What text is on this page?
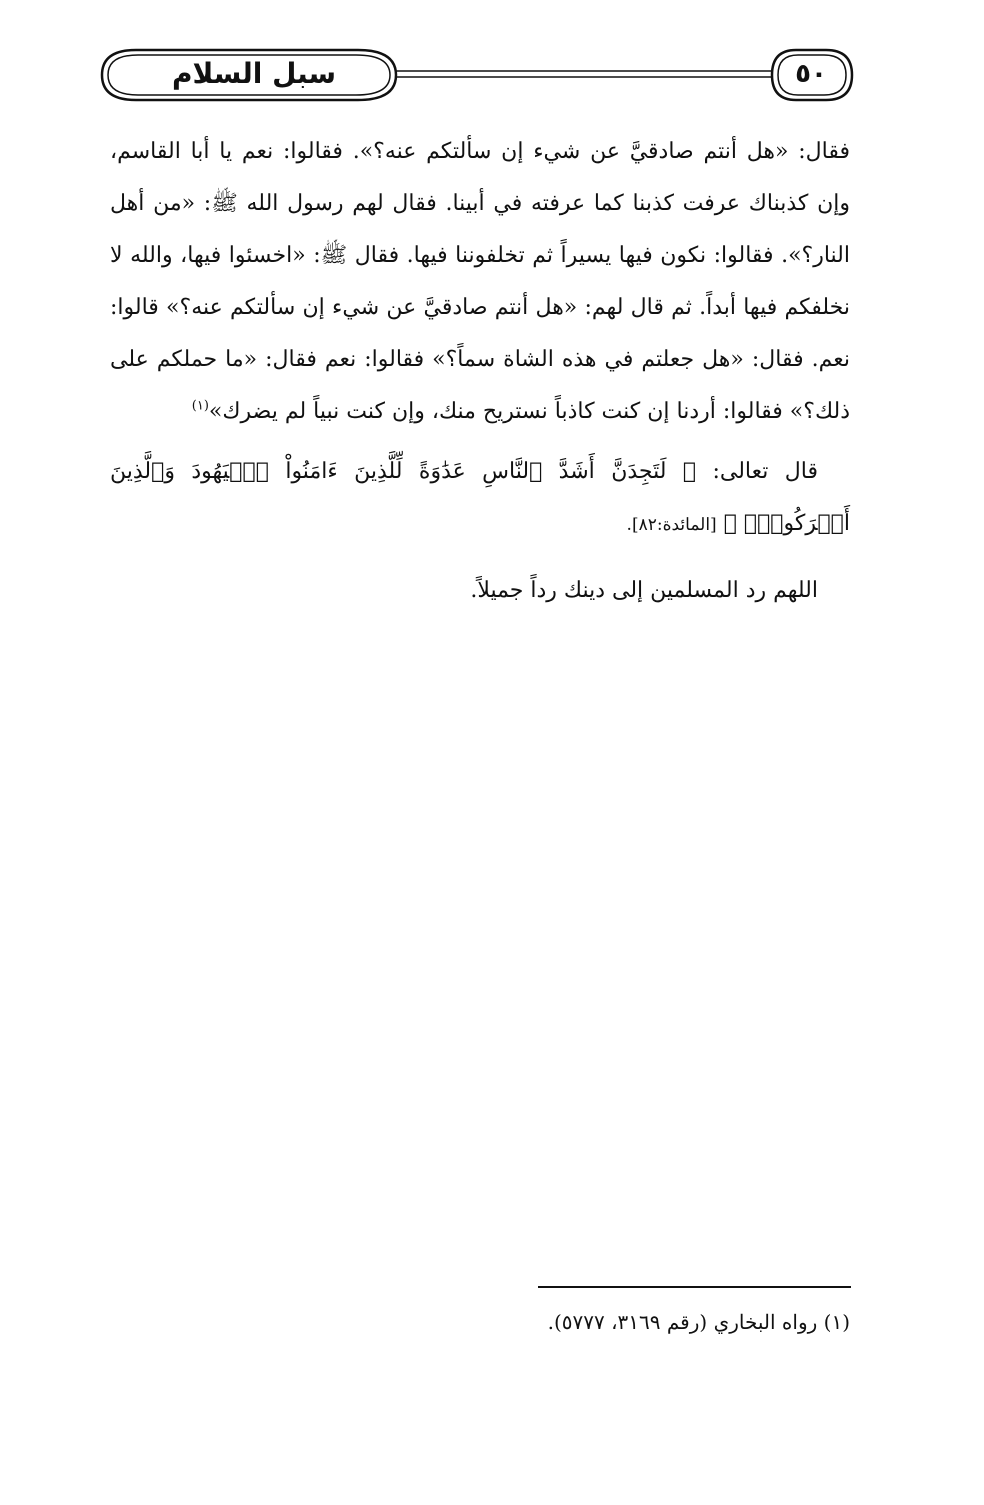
سبل السلام	٥٠

فقال: «هل أنتم صادقيَّ عن شيء إن سألتكم عنه؟». فقالوا: نعم يا أبا القاسم، وإن كذبناك عرفت كذبنا كما عرفته في أبينا. فقال لهم رسول الله ﷺ: «من أهل النار؟». فقالوا: نكون فيها يسيراً ثم تخلفوننا فيها. فقال ﷺ: «اخسئوا فيها، والله لا نخلفكم فيها أبداً. ثم قال لهم: «هل أنتم صادقيَّ عن شيء إن سألتكم عنه؟» قالوا: نعم. فقال: «هل جعلتم في هذه الشاة سماً؟» فقالوا: نعم فقال: «ما حملكم على ذلك؟» فقالوا: أردنا إن كنت كاذباً نستريح منك، وإن كنت نبياً لم يضرك»$^{(١)}$

قال تعالى: ﴿ لَتَجِدَنَّ أَشَدَّ ٱلنَّاسِ عَدَٰوَةً لِّلَّذِينَ ءَامَنُواْ ٱلۡيَهُودَ وَٱلَّذِينَ أَشۡرَكُواْۖ ﴾ [المائدة:٨٢].

اللهم رد المسلمين إلى دينك رداً جميلاً.

(١) رواه البخاري (رقم ٣١٦٩، ٥٧٧٧).
